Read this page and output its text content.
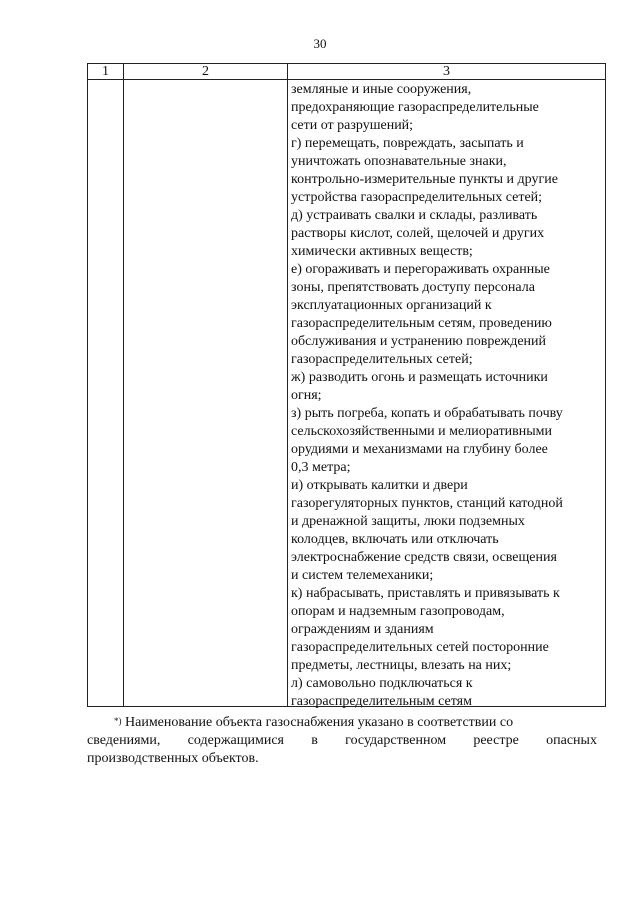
30
1	2	3
земляные и иные сооружения,
предохраняющие газораспределительные
сети от разрушений;
г) перемещать, повреждать, засыпать и
уничтожать опознавательные знаки,
контрольно-измерительные пункты и другие
устройства газораспределительных сетей;
д) устраивать свалки и склады, разливать
растворы кислот, солей, щелочей и других
химически активных веществ;
е) огораживать и перегораживать охранные
зоны, препятствовать доступу персонала
эксплуатационных организаций к
газораспределительным сетям, проведению
обслуживания и устранению повреждений
газораспределительных сетей;
ж) разводить огонь и размещать источники
огня;
з) рыть погреба, копать и обрабатывать почву
сельскохозяйственными и мелиоративными
орудиями и механизмами на глубину более
0,3 метра;
и) открывать калитки и двери
газорегуляторных пунктов, станций катодной
и дренажной защиты, люки подземных
колодцев, включать или отключать
электроснабжение средств связи, освещения
и систем телемеханики;
к) набрасывать, приставлять и привязывать к
опорам и надземным газопроводам,
ограждениям и зданиям
газораспределительных сетей посторонние
предметы, лестницы, влезать на них;
л) самовольно подключаться к
газораспределительным сетям
*) Наименование объекта газоснабжения указано в соответствии со
сведениями, содержащимися в государственном реестре опасных
производственных объектов.
